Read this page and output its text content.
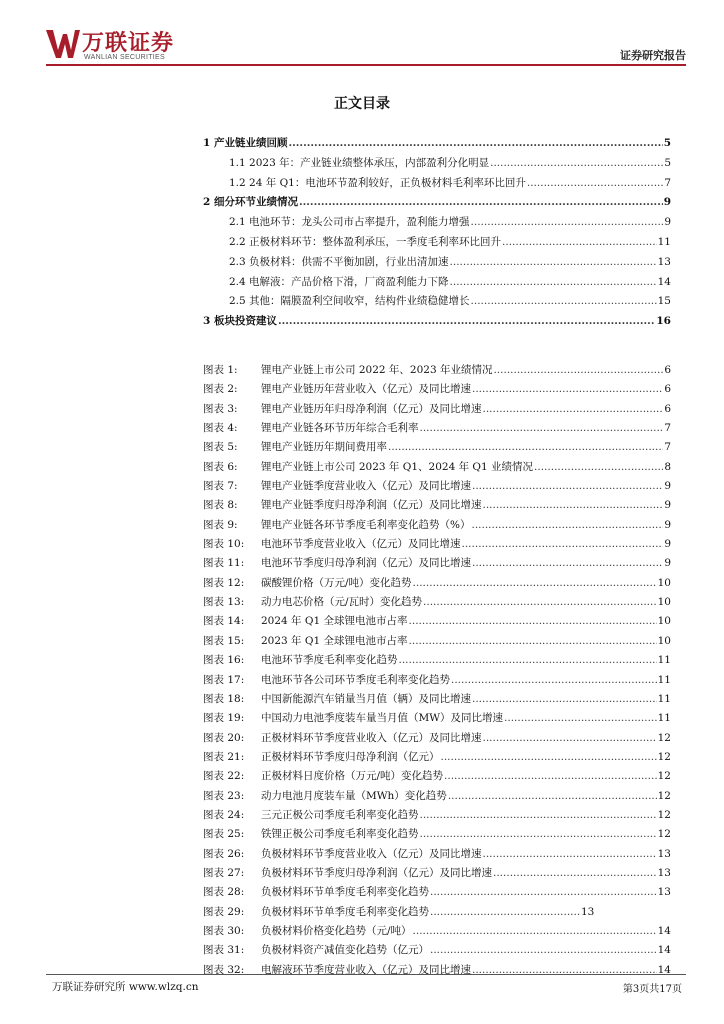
万联证券
WANLIAN SECURITIES	证券研究报告
正文目录
1 产业链业绩回顾 .....	5
1.1 2023 年：产业链业绩整体承压，内部盈利分化明显 .....	5
1.2 24 年 Q1：电池环节盈利较好，正负极材料毛利率环比回升 .....	7
2 细分环节业绩情况 .....	9
2.1 电池环节：龙头公司市占率提升，盈利能力增强 .....	9
2.2 正极材料环节：整体盈利承压，一季度毛利率环比回升 .....	11
2.3 负极材料：供需不平衡加剧，行业出清加速 .....	13
2.4 电解液：产品价格下滑，厂商盈利能力下降 .....	14
2.5 其他：隔膜盈利空间收窄，结构件业绩稳健增长 .....	15
3 板块投资建议 .....	16
图表 1:	锂电产业链上市公司 2022 年、2023 年业绩情况 .....	6
图表 2:	锂电产业链历年营业收入（亿元）及同比增速 .....	6
图表 3:	锂电产业链历年归母净利润（亿元）及同比增速 .....	6
图表 4:	锂电产业链各环节历年综合毛利率 .....	7
图表 5:	锂电产业链历年期间费用率 .....	7
图表 6:	锂电产业链上市公司 2023 年 Q1、2024 年 Q1 业绩情况 .....	8
图表 7:	锂电产业链季度营业收入（亿元）及同比增速 .....	9
图表 8:	锂电产业链季度归母净利润（亿元）及同比增速 .....	9
图表 9:	锂电产业链各环节季度毛利率变化趋势（%） .....	9
图表 10:	电池环节季度营业收入（亿元）及同比增速 .....	9
图表 11:	电池环节季度归母净利润（亿元）及同比增速 .....	9
图表 12:	碳酸锂价格（万元/吨）变化趋势 .....	10
图表 13:	动力电芯价格（元/瓦时）变化趋势 .....	10
图表 14:	2024 年 Q1 全球锂电池市占率 .....	10
图表 15:	2023 年 Q1 全球锂电池市占率 .....	10
图表 16:	电池环节季度毛利率变化趋势 .....	11
图表 17:	电池环节各公司环节季度毛利率变化趋势 .....	11
图表 18:	中国新能源汽车销量当月值（辆）及同比增速 .....	11
图表 19:	中国动力电池季度装车量当月值（MW）及同比增速 .....	11
图表 20:	正极材料环节季度营业收入（亿元）及同比增速 .....	12
图表 21:	正极材料环节季度归母净利润（亿元） .....	12
图表 22:	正极材料日度价格（万元/吨）变化趋势 .....	12
图表 23:	动力电池月度装车量（MWh）变化趋势 .....	12
图表 24:	三元正极公司季度毛利率变化趋势 .....	12
图表 25:	铁锂正极公司季度毛利率变化趋势 .....	12
图表 26:	负极材料环节季度营业收入（亿元）及同比增速 .....	13
图表 27:	负极材料环节季度归母净利润（亿元）及同比增速 .....	13
图表 28:	负极材料环节单季度毛利率变化趋势 .....	13
图表 29:	负极材料环节单季度毛利率变化趋势 .....	13
图表 30:	负极材料价格变化趋势（元/吨） .....	14
图表 31:	负极材料资产减值变化趋势（亿元） .....	14
图表 32:	电解液环节季度营业收入（亿元）及同比增速 .....	14
万联证券研究所 www.wlzq.cn	第3页共17页
